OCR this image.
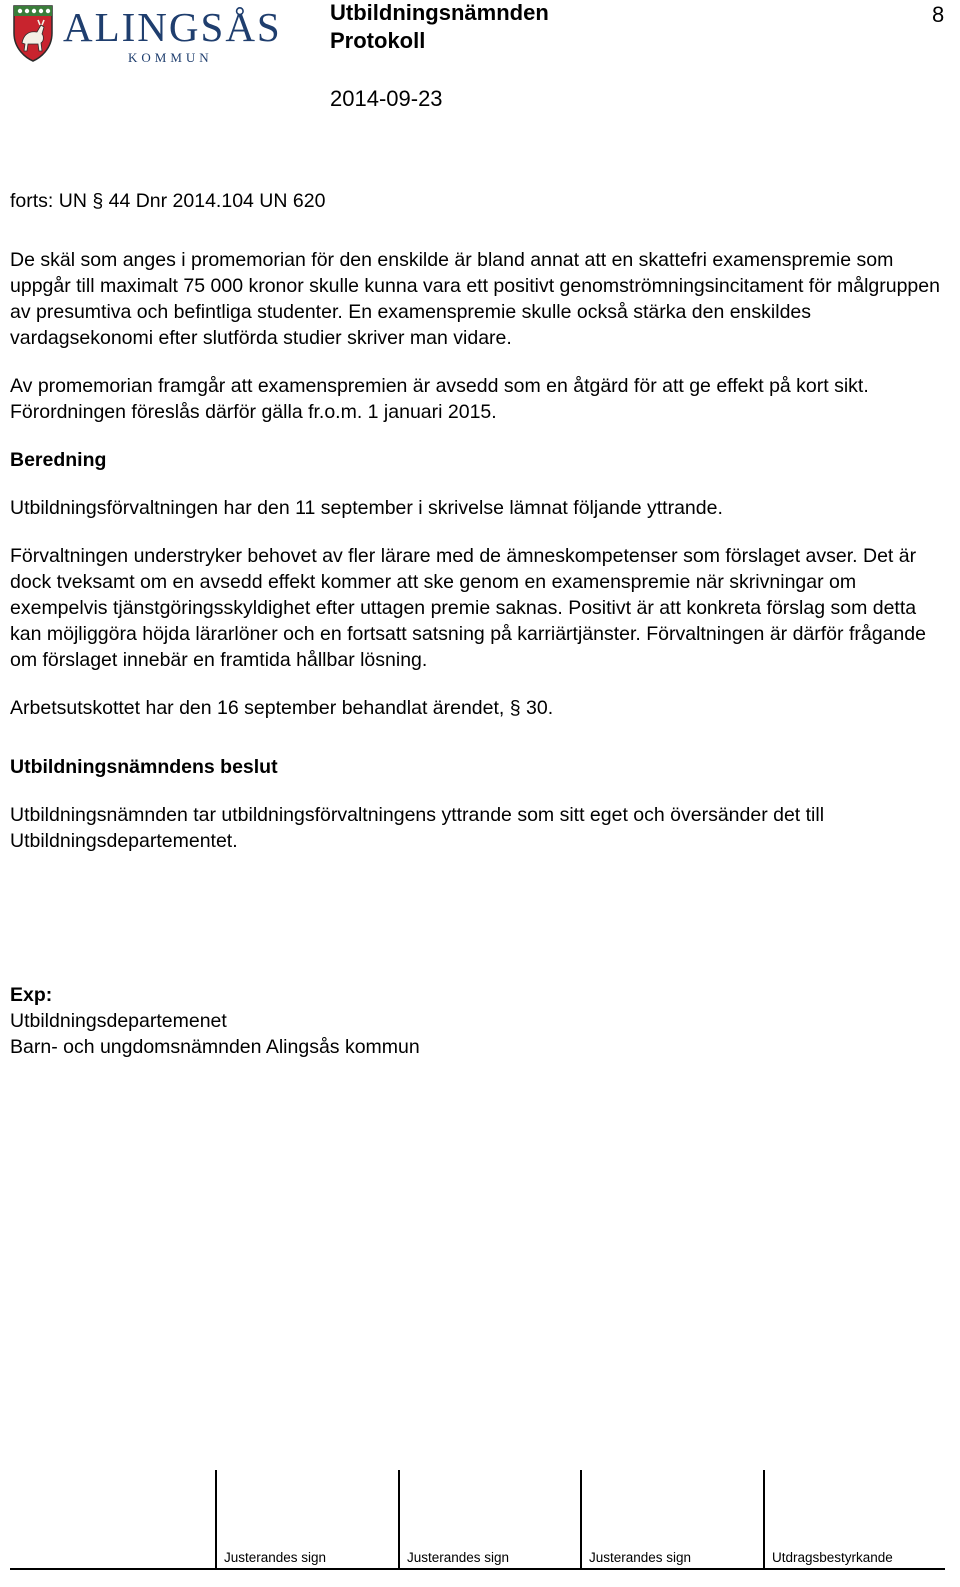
ALINGSÅS
KOMMUN
Utbildningsnämnden
Protokoll
2014-09-23
8

forts: UN § 44 Dnr 2014.104 UN 620

De skäl som anges i promemorian för den enskilde är bland annat att en skattefri examenspremie som uppgår till maximalt 75 000 kronor skulle kunna vara ett positivt genomströmningsincitament för målgruppen av presumtiva och befintliga studenter. En examenspremie skulle också stärka den enskildes vardagsekonomi efter slutförda studier skriver man vidare.

Av promemorian framgår att examenspremien är avsedd som en åtgärd för att ge effekt på kort sikt. Förordningen föreslås därför gälla fr.o.m. 1 januari 2015.

Beredning

Utbildningsförvaltningen har den 11 september i skrivelse lämnat följande yttrande.

Förvaltningen understryker behovet av fler lärare med de ämneskompetenser som förslaget avser. Det är dock tveksamt om en avsedd effekt kommer att ske genom en examenspremie när skrivningar om exempelvis tjänstgöringsskyldighet efter uttagen premie saknas. Positivt är att konkreta förslag som detta kan möjliggöra höjda lärarlöner och en fortsatt satsning på karriärtjänster. Förvaltningen är därför frågande om förslaget innebär en framtida hållbar lösning.

Arbetsutskottet har den 16 september behandlat ärendet, § 30.

Utbildningsnämndens beslut

Utbildningsnämnden tar utbildningsförvaltningens yttrande som sitt eget och översänder det till Utbildningsdepartementet.

Exp:

Utbildningsdepartemenet

Barn- och ungdomsnämnden Alingsås kommun

Justerandes sign	Justerandes sign	Justerandes sign	Utdragsbestyrkande
